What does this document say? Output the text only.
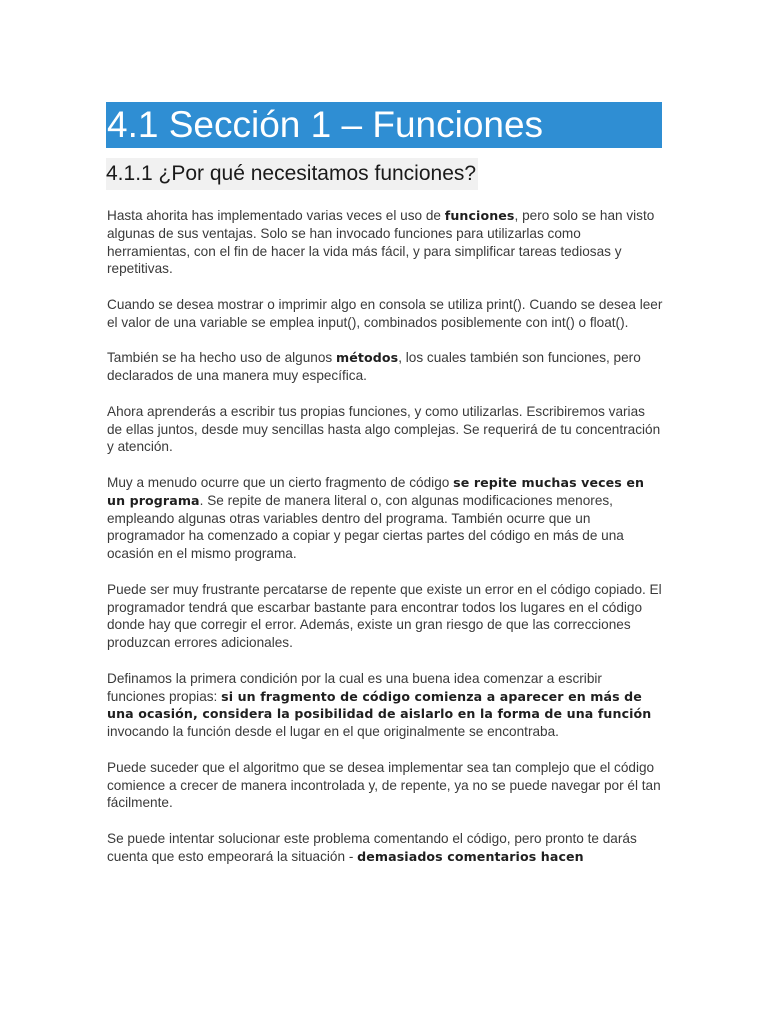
4.1 Sección 1 – Funciones
4.1.1 ¿Por qué necesitamos funciones?

Hasta ahorita has implementado varias veces el uso de funciones, pero solo se han visto algunas de sus ventajas. Solo se han invocado funciones para utilizarlas como herramientas, con el fin de hacer la vida más fácil, y para simplificar tareas tediosas y repetitivas.

Cuando se desea mostrar o imprimir algo en consola se utiliza print(). Cuando se desea leer el valor de una variable se emplea input(), combinados posiblemente con int() o float().

También se ha hecho uso de algunos métodos, los cuales también son funciones, pero declarados de una manera muy específica.

Ahora aprenderás a escribir tus propias funciones, y como utilizarlas. Escribiremos varias de ellas juntos, desde muy sencillas hasta algo complejas. Se requerirá de tu concentración y atención.

Muy a menudo ocurre que un cierto fragmento de código se repite muchas veces en un programa. Se repite de manera literal o, con algunas modificaciones menores, empleando algunas otras variables dentro del programa. También ocurre que un programador ha comenzado a copiar y pegar ciertas partes del código en más de una ocasión en el mismo programa.

Puede ser muy frustrante percatarse de repente que existe un error en el código copiado. El programador tendrá que escarbar bastante para encontrar todos los lugares en el código donde hay que corregir el error. Además, existe un gran riesgo de que las correcciones produzcan errores adicionales.

Definamos la primera condición por la cual es una buena idea comenzar a escribir funciones propias: si un fragmento de código comienza a aparecer en más de una ocasión, considera la posibilidad de aislarlo en la forma de una función invocando la función desde el lugar en el que originalmente se encontraba.

Puede suceder que el algoritmo que se desea implementar sea tan complejo que el código comience a crecer de manera incontrolada y, de repente, ya no se puede navegar por él tan fácilmente.

Se puede intentar solucionar este problema comentando el código, pero pronto te darás cuenta que esto empeorará la situación - demasiados comentarios hacen
